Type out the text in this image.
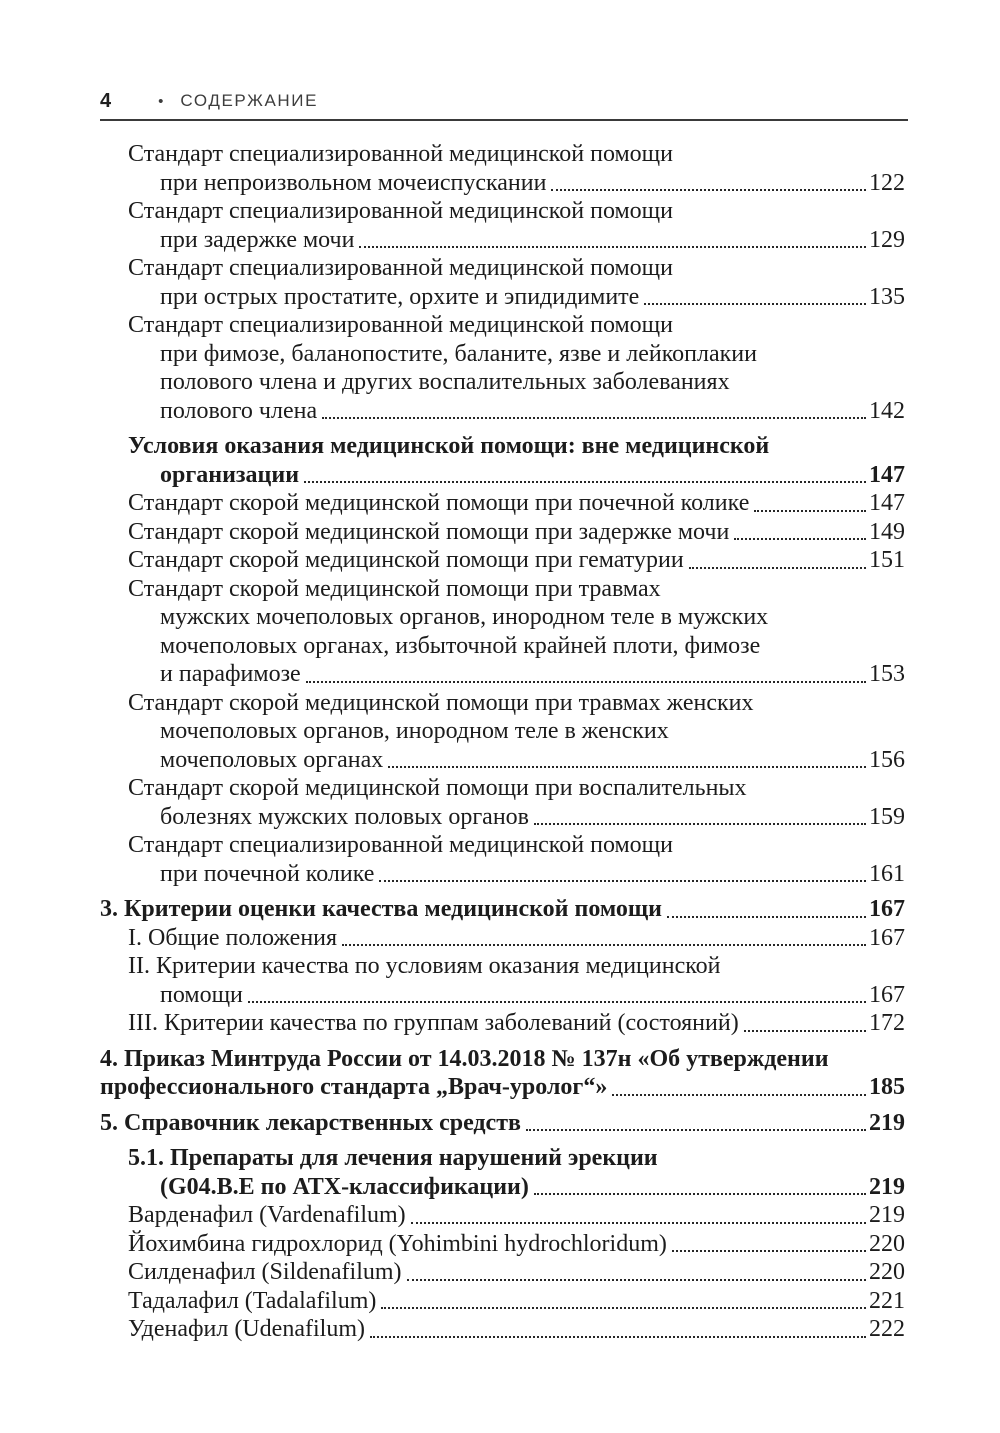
4	• СОДЕРЖАНИЕ
Стандарт специализированной медицинской помощи
при непроизвольном мочеиспускании	122
Стандарт специализированной медицинской помощи
при задержке мочи	129
Стандарт специализированной медицинской помощи
при острых простатите, орхите и эпидидимите	135
Стандарт специализированной медицинской помощи
при фимозе, баланопостите, баланите, язве и лейкоплакии
полового члена и других воспалительных заболеваниях
полового члена	142
Условия оказания медицинской помощи: вне медицинской
организации	147
Стандарт скорой медицинской помощи при почечной колике	147
Стандарт скорой медицинской помощи при задержке мочи	149
Стандарт скорой медицинской помощи при гематурии	151
Стандарт скорой медицинской помощи при травмах
мужских мочеполовых органов, инородном теле в мужских
мочеполовых органах, избыточной крайней плоти, фимозе
и парафимозе	153
Стандарт скорой медицинской помощи при травмах женских
мочеполовых органов, инородном теле в женских
мочеполовых органах	156
Стандарт скорой медицинской помощи при воспалительных
болезнях мужских половых органов	159
Стандарт специализированной медицинской помощи
при почечной колике	161
3. Критерии оценки качества медицинской помощи	167
I. Общие положения	167
II. Критерии качества по условиям оказания медицинской
помощи	167
III. Критерии качества по группам заболеваний (состояний)	172
4. Приказ Минтруда России от 14.03.2018 № 137н «Об утверждении
профессионального стандарта „Врач-уролог“»	185
5. Справочник лекарственных средств	219
5.1. Препараты для лечения нарушений эрекции
(G04.B.E по АТХ-классификации)	219
Варденафил (Vardenafilum)	219
Йохимбина гидрохлорид (Yohimbini hydrochloridum)	220
Силденафил (Sildenafilum)	220
Тадалафил (Tadalafilum)	221
Уденафил (Udenafilum)	222
